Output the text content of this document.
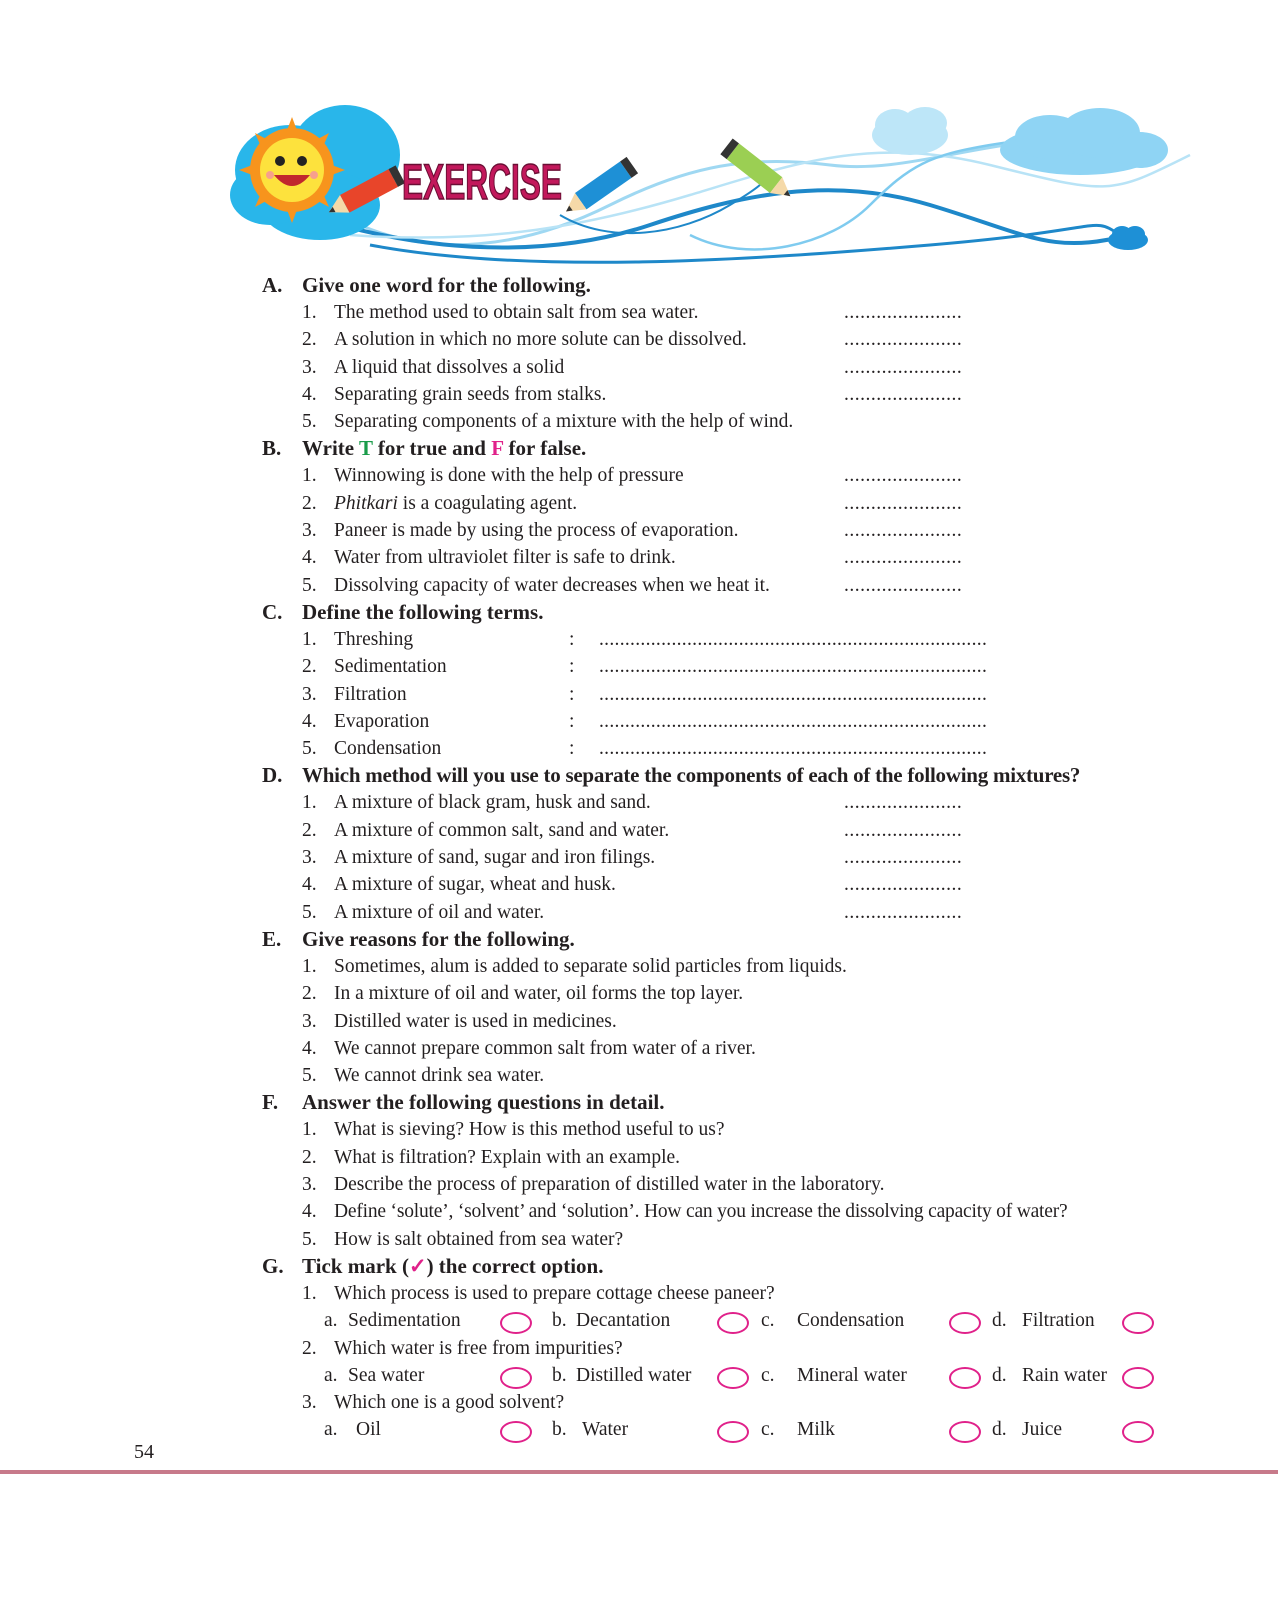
EXERCISE
A. Give one word for the following.
1. The method used to obtain salt from sea water.	......................
2. A solution in which no more solute can be dissolved.	......................
3. A liquid that dissolves a solid	......................
4. Separating grain seeds from stalks.	......................
5. Separating components of a mixture with the help of wind.
B. Write T for true and F for false.
1. Winnowing is done with the help of pressure	......................
2. Phitkari is a coagulating agent.	......................
3. Paneer is made by using the process of evaporation.	......................
4. Water from ultraviolet filter is safe to drink.	......................
5. Dissolving capacity of water decreases when we heat it.	......................
C. Define the following terms.
1. Threshing	: ...........................................................................
2. Sedimentation	: ...........................................................................
3. Filtration	: ...........................................................................
4. Evaporation	: ...........................................................................
5. Condensation	: ...........................................................................
D. Which method will you use to separate the components of each of the following mixtures?
1. A mixture of black gram, husk and sand.	......................
2. A mixture of common salt, sand and water.	......................
3. A mixture of sand, sugar and iron filings.	......................
4. A mixture of sugar, wheat and husk.	......................
5. A mixture of oil and water.	......................
E. Give reasons for the following.
1. Sometimes, alum is added to separate solid particles from liquids.
2. In a mixture of oil and water, oil forms the top layer.
3. Distilled water is used in medicines.
4. We cannot prepare common salt from water of a river.
5. We cannot drink sea water.
F.	Answer the following questions in detail.
1. What is sieving? How is this method useful to us?
2. What is filtration? Explain with an example.
3. Describe the process of preparation of distilled water in the laboratory.
4. Define ‘solute’, ‘solvent’ and ‘solution’. How can you increase the dissolving capacity of water?
5. How is salt obtained from sea water?
G. Tick mark (✓) the correct option.
1. Which process is used to prepare cottage cheese paneer?
a. Sedimentation	b. Decantation	c. Condensation	d. Filtration
2. Which water is free from impurities?
a. Sea water	b. Distilled water	c. Mineral water	d. Rain water
3. Which one is a good solvent?
a. Oil	b. Water	c. Milk	d. Juice
54
